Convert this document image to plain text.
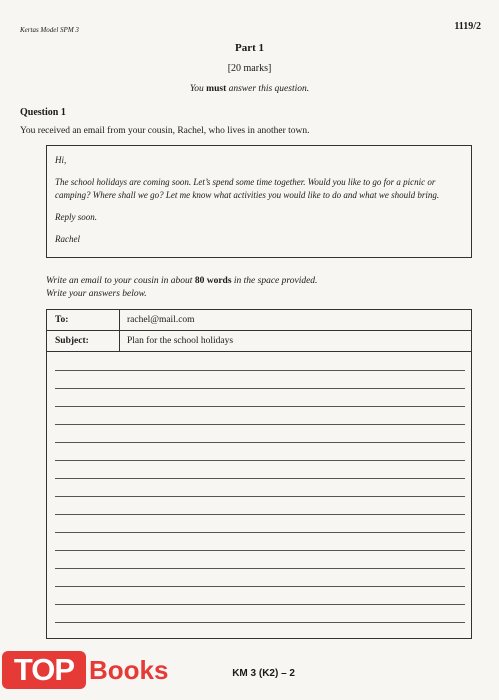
Kertas Model SPM 3	1119/2
Part 1
[20 marks]
You must answer this question.
Question 1
You received an email from your cousin, Rachel, who lives in another town.

Hi,

The school holidays are coming soon. Let’s spend some time together. Would you like to go for a picnic or camping? Where shall we go? Let me know what activities you would like to do and what we should bring.

Reply soon.

Rachel

Write an email to your cousin in about 80 words in the space provided.
Write your answers below.
To:	rachel@mail.com
Subject:	Plan for the school holidays
TOP Books	KM 3 (K2) – 2
